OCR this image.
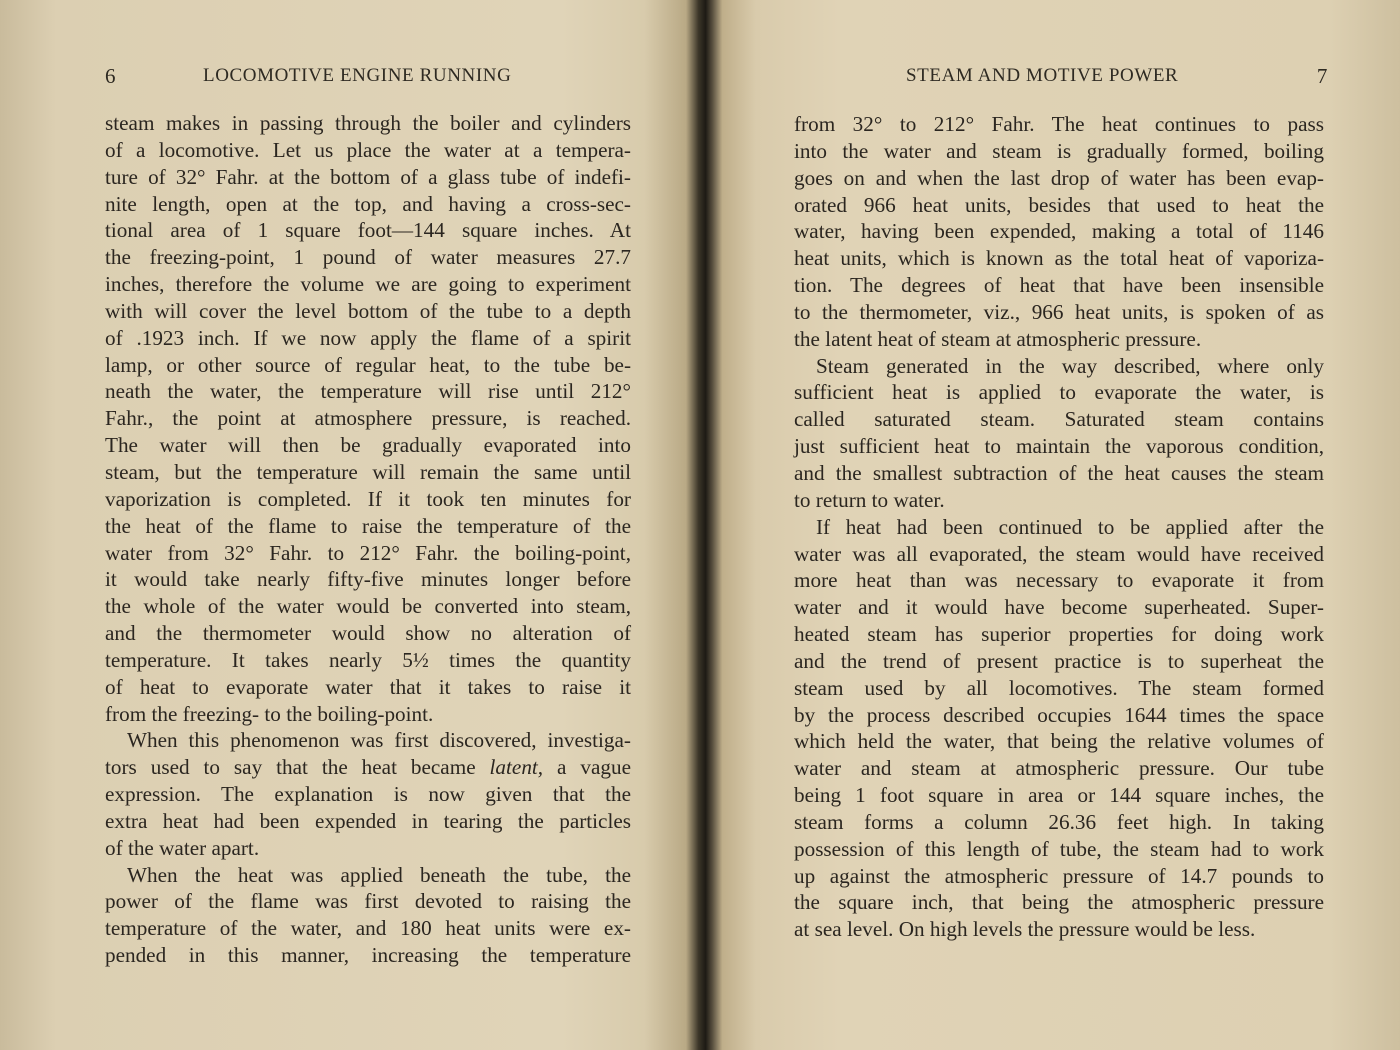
6	LOCOMOTIVE ENGINE RUNNING
steam makes in passing through the boiler and cylinders
of a locomotive. Let us place the water at a tempera-
ture of 32° Fahr. at the bottom of a glass tube of indefi-
nite length, open at the top, and having a cross-sec-
tional area of 1 square foot—144 square inches. At
the freezing-point, 1 pound of water measures 27.7
inches, therefore the volume we are going to experiment
with will cover the level bottom of the tube to a depth
of .1923 inch. If we now apply the flame of a spirit
lamp, or other source of regular heat, to the tube be-
neath the water, the temperature will rise until 212°
Fahr., the point at atmosphere pressure, is reached.
The water will then be gradually evaporated into
steam, but the temperature will remain the same until
vaporization is completed. If it took ten minutes for
the heat of the flame to raise the temperature of the
water from 32° Fahr. to 212° Fahr. the boiling-point,
it would take nearly fifty-five minutes longer before
the whole of the water would be converted into steam,
and the thermometer would show no alteration of
temperature. It takes nearly 5½ times the quantity
of heat to evaporate water that it takes to raise it
from the freezing- to the boiling-point.
When this phenomenon was first discovered, investiga-
tors used to say that the heat became latent, a vague
expression. The explanation is now given that the
extra heat had been expended in tearing the particles
of the water apart.
When the heat was applied beneath the tube, the
power of the flame was first devoted to raising the
temperature of the water, and 180 heat units were ex-
pended in this manner, increasing the temperature
STEAM AND MOTIVE POWER	7
from 32° to 212° Fahr. The heat continues to pass
into the water and steam is gradually formed, boiling
goes on and when the last drop of water has been evap-
orated 966 heat units, besides that used to heat the
water, having been expended, making a total of 1146
heat units, which is known as the total heat of vaporiza-
tion. The degrees of heat that have been insensible
to the thermometer, viz., 966 heat units, is spoken of as
the latent heat of steam at atmospheric pressure.
Steam generated in the way described, where only
sufficient heat is applied to evaporate the water, is
called saturated steam. Saturated steam contains
just sufficient heat to maintain the vaporous condition,
and the smallest subtraction of the heat causes the steam
to return to water.
If heat had been continued to be applied after the
water was all evaporated, the steam would have received
more heat than was necessary to evaporate it from
water and it would have become superheated. Super-
heated steam has superior properties for doing work
and the trend of present practice is to superheat the
steam used by all locomotives. The steam formed
by the process described occupies 1644 times the space
which held the water, that being the relative volumes of
water and steam at atmospheric pressure. Our tube
being 1 foot square in area or 144 square inches, the
steam forms a column 26.36 feet high. In taking
possession of this length of tube, the steam had to work
up against the atmospheric pressure of 14.7 pounds to
the square inch, that being the atmospheric pressure
at sea level. On high levels the pressure would be less.
